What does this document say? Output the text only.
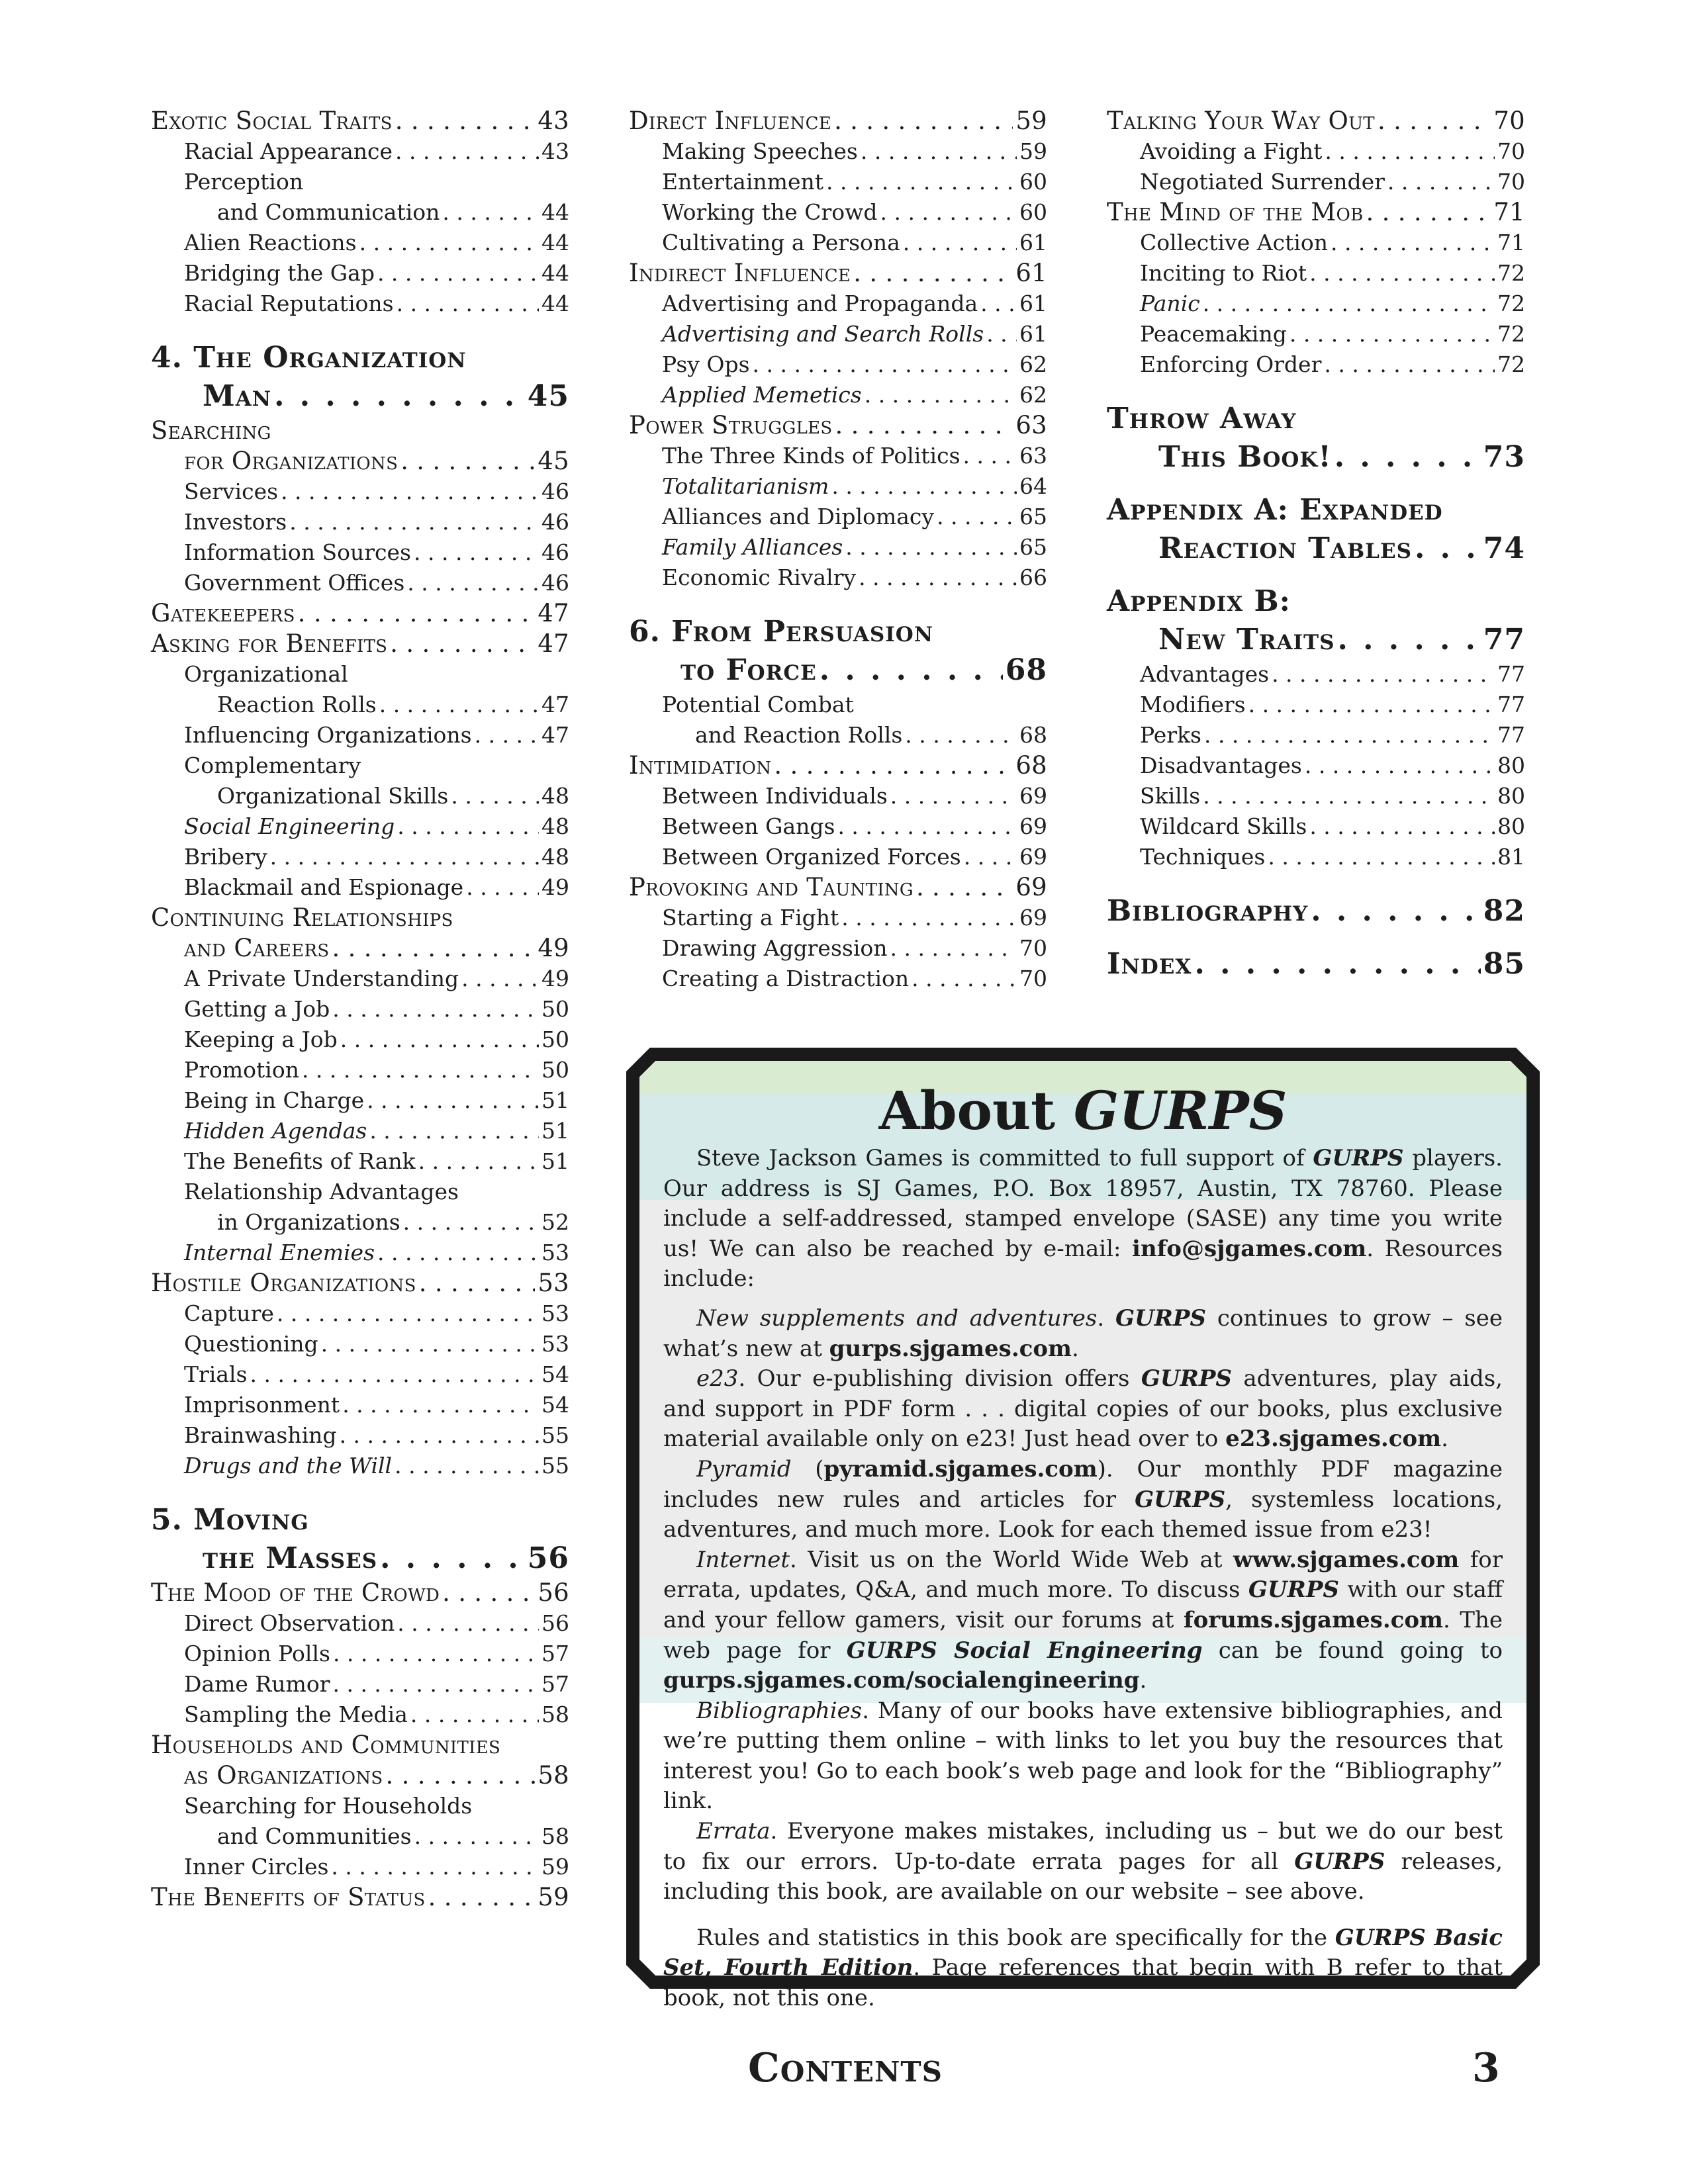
Exotic Social Traits . . .	43
Racial Appearance . . .	43
Perception
and Communication . . .	44
Alien Reactions . . .	44
Bridging the Gap . . .	44
Racial Reputations . . .	44
4. The Organization
Man . . .	45
Searching
for Organizations . . .	45
Services . . .	46
Investors . . .	46
Information Sources . . .	46
Government Offices . . .	46
Gatekeepers . . .	47
Asking for Benefits . . .	47
Organizational
Reaction Rolls . . .	47
Influencing Organizations . . .	47
Complementary
Organizational Skills . . .	48
Social Engineering . . .	48
Bribery . . .	48
Blackmail and Espionage . . .	49
Continuing Relationships
and Careers . . .	49
A Private Understanding . . .	49
Getting a Job . . .	50
Keeping a Job . . .	50
Promotion . . .	50
Being in Charge . . .	51
Hidden Agendas . . .	51
The Benefits of Rank . . .	51
Relationship Advantages
in Organizations . . .	52
Internal Enemies . . .	53
Hostile Organizations . . .	53
Capture . . .	53
Questioning . . .	53
Trials . . .	54
Imprisonment . . .	54
Brainwashing . . .	55
Drugs and the Will . . .	55
5. Moving
the Masses . . .	56
The Mood of the Crowd . . .	56
Direct Observation . . .	56
Opinion Polls . . .	57
Dame Rumor . . .	57
Sampling the Media . . .	58
Households and Communities
as Organizations . . .	58
Searching for Households
and Communities . . .	58
Inner Circles . . .	59
The Benefits of Status . . .	59
Direct Influence . . .	59
Making Speeches . . .	59
Entertainment . . .	60
Working the Crowd . . .	60
Cultivating a Persona . . .	61
Indirect Influence . . .	61
Advertising and Propaganda . . . 61
Advertising and Search Rolls . . . 61
Psy Ops . . .	62
Applied Memetics . . .	62
Power Struggles . . .	63
The Three Kinds of Politics . . .	63
Totalitarianism . . .	64
Alliances and Diplomacy . . .	65
Family Alliances . . .	65
Economic Rivalry . . .	66
6. From Persuasion
to Force . . .	68
Potential Combat
and Reaction Rolls . . .	68
Intimidation . . .	68
Between Individuals . . .	69
Between Gangs . . .	69
Between Organized Forces . . .	69
Provoking and Taunting . . .	69
Starting a Fight . . .	69
Drawing Aggression . . .	70
Creating a Distraction . . .	70
Talking Your Way Out . . .	70
Avoiding a Fight . . .	70
Negotiated Surrender . . .	70
The Mind of the Mob . . .	71
Collective Action . . .	71
Inciting to Riot . . .	72
Panic . . .	72
Peacemaking . . .	72
Enforcing Order . . .	72
Throw Away
This Book! . . .	73
Appendix A: Expanded
Reaction Tables . . . 74
Appendix B:
New Traits . . .	77
Advantages . . .	77
Modifiers . . .	77
Perks . . .	77
Disadvantages . . .	80
Skills . . .	80
Wildcard Skills . . .	80
Techniques . . .	81
Bibliography . . .	82
Index . . .	85
About GURPS

Steve Jackson Games is committed to full support of GURPS players. Our address is SJ Games, P.O. Box 18957, Austin, TX 78760. Please include a self-addressed, stamped envelope (SASE) any time you write us! We can also be reached by e-mail: info@sjgames.com. Resources include:

New supplements and adventures. GURPS continues to grow – see what’s new at gurps.sjgames.com.

e23. Our e-publishing division offers GURPS adventures, play aids, and support in PDF form . . . digital copies of our books, plus exclusive material available only on e23! Just head over to e23.sjgames.com.

Pyramid (pyramid.sjgames.com). Our monthly PDF magazine includes new rules and articles for GURPS, systemless locations, adventures, and much more. Look for each themed issue from e23!

Internet. Visit us on the World Wide Web at www.sjgames.com for errata, updates, Q&A, and much more. To discuss GURPS with our staff and your fellow gamers, visit our forums at forums.sjgames.com. The web page for GURPS Social Engineering can be found going to gurps.sjgames.com/socialengineering.

Bibliographies. Many of our books have extensive bibliographies, and we’re putting them online – with links to let you buy the resources that interest you! Go to each book’s web page and look for the “Bibliography” link.

Errata. Everyone makes mistakes, including us – but we do our best to fix our errors. Up-to-date errata pages for all GURPS releases, including this book, are available on our website – see above.

Rules and statistics in this book are specifically for the GURPS Basic Set, Fourth Edition. Page references that begin with B refer to that book, not this one.

Contents	3
